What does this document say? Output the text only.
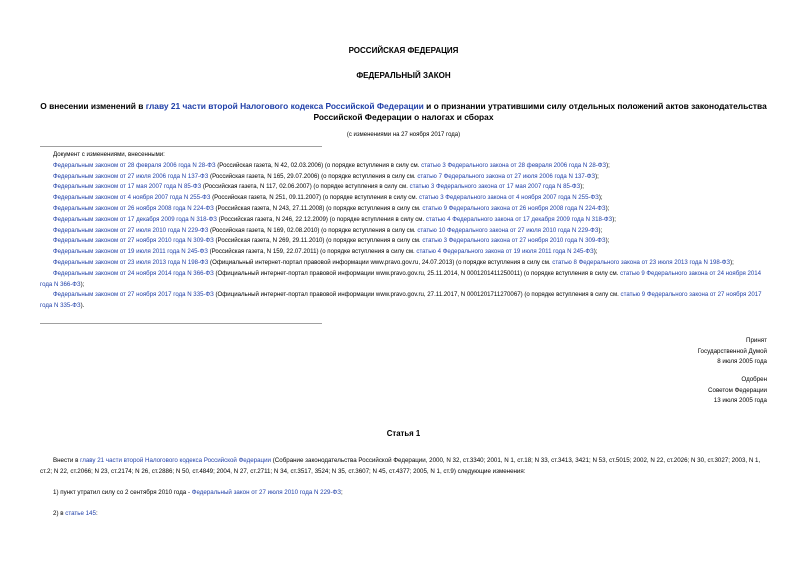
РОССИЙСКАЯ ФЕДЕРАЦИЯ
ФЕДЕРАЛЬНЫЙ ЗАКОН
О внесении изменений в главу 21 части второй Налогового кодекса Российской Федерации и о признании утратившими силу отдельных положений актов законодательства Российской Федерации о налогах и сборах
(с изменениями на 27 ноября 2017 года)
Документ с изменениями, внесенными:
Федеральным законом от 28 февраля 2006 года N 28-ФЗ (Российская газета, N 42, 02.03.2006) (о порядке вступления в силу см. статью 3 Федерального закона от 28 февраля 2006 года N 28-ФЗ);
Федеральным законом от 27 июля 2006 года N 137-ФЗ (Российская газета, N 165, 29.07.2006) (о порядке вступления в силу см. статью 7 Федерального закона от 27 июля 2006 года N 137-ФЗ);
Федеральным законом от 17 мая 2007 года N 85-ФЗ (Российская газета, N 117, 02.06.2007) (о порядке вступления в силу см. статью 3 Федерального закона от 17 мая 2007 года N 85-ФЗ);
Федеральным законом от 4 ноября 2007 года N 255-ФЗ (Российская газета, N 251, 09.11.2007) (о порядке вступления в силу см. статью 3 Федерального закона от 4 ноября 2007 года N 255-ФЗ);
Федеральным законом от 26 ноября 2008 года N 224-ФЗ (Российская газета, N 243, 27.11.2008) (о порядке вступления в силу см. статью 9 Федерального закона от 26 ноября 2008 года N 224-ФЗ);
Федеральным законом от 17 декабря 2009 года N 318-ФЗ (Российская газета, N 246, 22.12.2009) (о порядке вступления в силу см. статью 4 Федерального закона от 17 декабря 2009 года N 318-ФЗ);
Федеральным законом от 27 июля 2010 года N 229-ФЗ (Российская газета, N 169, 02.08.2010) (о порядке вступления в силу см. статью 10 Федерального закона от 27 июля 2010 года N 229-ФЗ);
Федеральным законом от 27 ноября 2010 года N 309-ФЗ (Российская газета, N 269, 29.11.2010) (о порядке вступления в силу см. статью 3 Федерального закона от 27 ноября 2010 года N 309-ФЗ);
Федеральным законом от 19 июля 2011 года N 245-ФЗ (Российская газета, N 159, 22.07.2011) (о порядке вступления в силу см. статью 4 Федерального закона от 19 июля 2011 года N 245-ФЗ);
Федеральным законом от 23 июля 2013 года N 198-ФЗ (Официальный интернет-портал правовой информации www.pravo.gov.ru, 24.07.2013) (о порядке вступления в силу см. статью 8 Федерального закона от 23 июля 2013 года N 198-ФЗ);
Федеральным законом от 24 ноября 2014 года N 366-ФЗ (Официальный интернет-портал правовой информации www.pravo.gov.ru, 25.11.2014, N 0001201411250011) (о порядке вступления в силу см. статью 9 Федерального закона от 24 ноября 2014 года N 366-ФЗ);
Федеральным законом от 27 ноября 2017 года N 335-ФЗ (Официальный интернет-портал правовой информации www.pravo.gov.ru, 27.11.2017, N 0001201711270067) (о порядке вступления в силу см. статью 9 Федерального закона от 27 ноября 2017 года N 335-ФЗ).
Принят
Государственной Думой
8 июля 2005 года
Одобрен
Советом Федерации
13 июля 2005 года
Статья 1
Внести в главу 21 части второй Налогового кодекса Российской Федерации (Собрание законодательства Российской Федерации, 2000, N 32, ст.3340; 2001, N 1, ст.18; N 33, ст.3413, 3421; N 53, ст.5015; 2002, N 22, ст.2026; N 30, ст.3027; 2003, N 1, ст.2; N 22, ст.2066; N 23, ст.2174; N 26, ст.2886; N 50, ст.4849; 2004, N 27, ст.2711; N 34, ст.3517, 3524; N 35, ст.3607; N 45, ст.4377; 2005, N 1, ст.9) следующие изменения:
1) пункт утратил силу со 2 сентября 2010 года - Федеральный закон от 27 июля 2010 года N 229-ФЗ;
2) в статье 145:
